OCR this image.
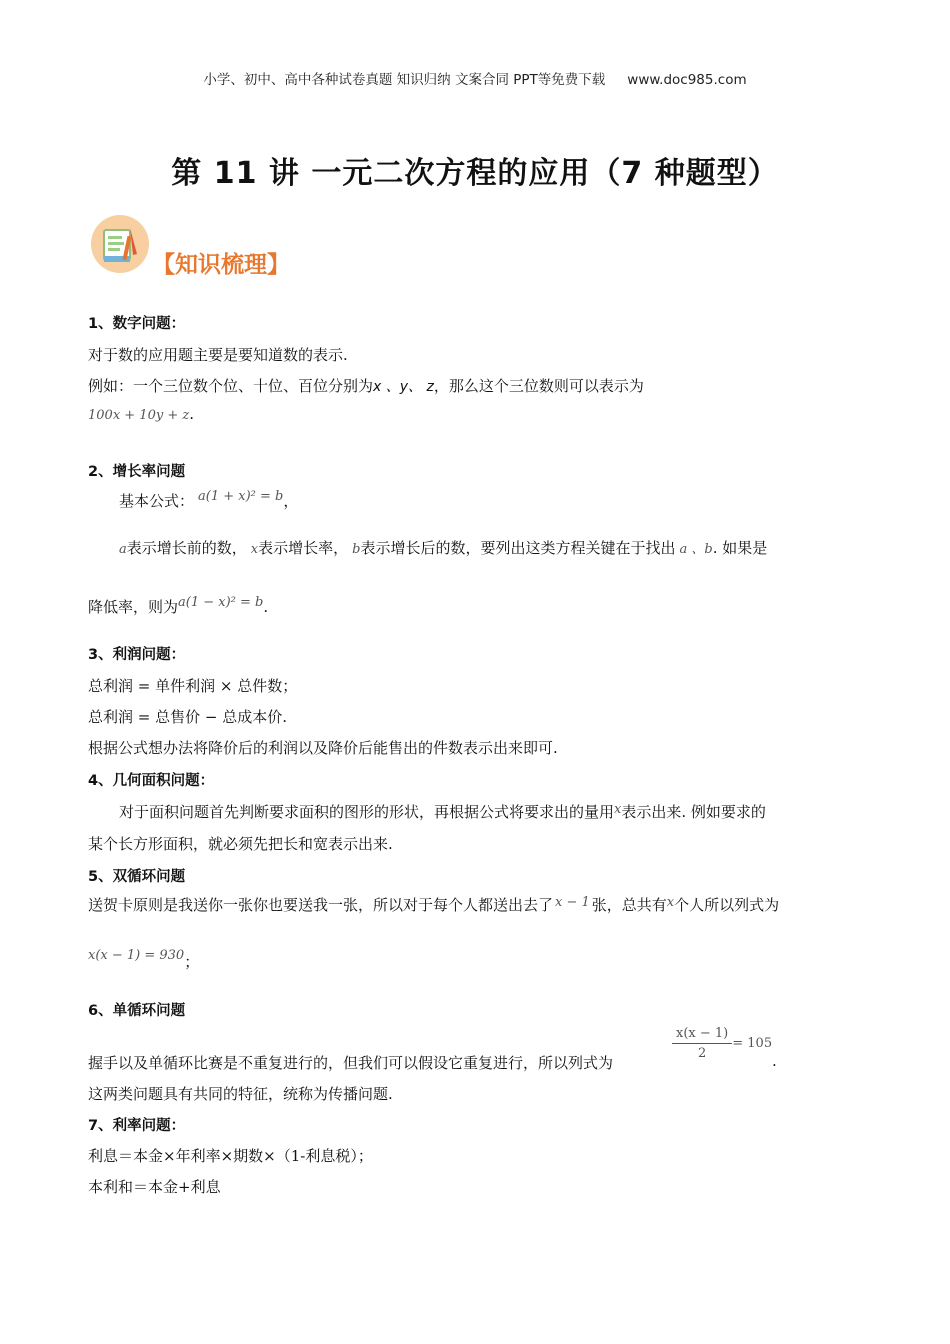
小学、初中、高中各种试卷真题 知识归纳 文案合同 PPT等免费下载 www.doc985.com
第 11 讲 一元二次方程的应用（7 种题型）
【知识梳理】
1、数字问题：
对于数的应用题主要是要知道数的表示.
例如：一个三位数个位、十位、百位分别为x 、y、 z，那么这个三位数则可以表示为
100x + 10y + z.
2、增长率问题
基本公式： $^{a(1 + x)^2 = b}$，
a表示增长前的数， x表示增长率， b表示增长后的数，要列出这类方程关键在于找出 a 、b. 如果是
降低率，则为$^{a(1 - x)^2 = b}$.
3、利润问题：
总利润 = 单件利润 × 总件数；
总利润 = 总售价 − 总成本价.
根据公式想办法将降价后的利润以及降价后能售出的件数表示出来即可.
4、几何面积问题：
对于面积问题首先判断要求面积的图形的形状，再根据公式将要求出的量用x表示出来. 例如要求的
某个长方形面积，就必须先把长和宽表示出来.
5、双循环问题
送贺卡原则是我送你一张你也要送我一张，所以对于每个人都送出去了 x − 1 张，总共有x个人所以列式为
x(x − 1) = 930；
6、单循环问题
握手以及单循环比赛是不重复进行的，但我们可以假设它重复进行，所以列式为
$\frac{x(x - 1)}{2} = 105$
.
这两类问题具有共同的特征，统称为传播问题.
7、利率问题：
利息＝本金×年利率×期数×（1-利息税）；
本利和＝本金+利息
